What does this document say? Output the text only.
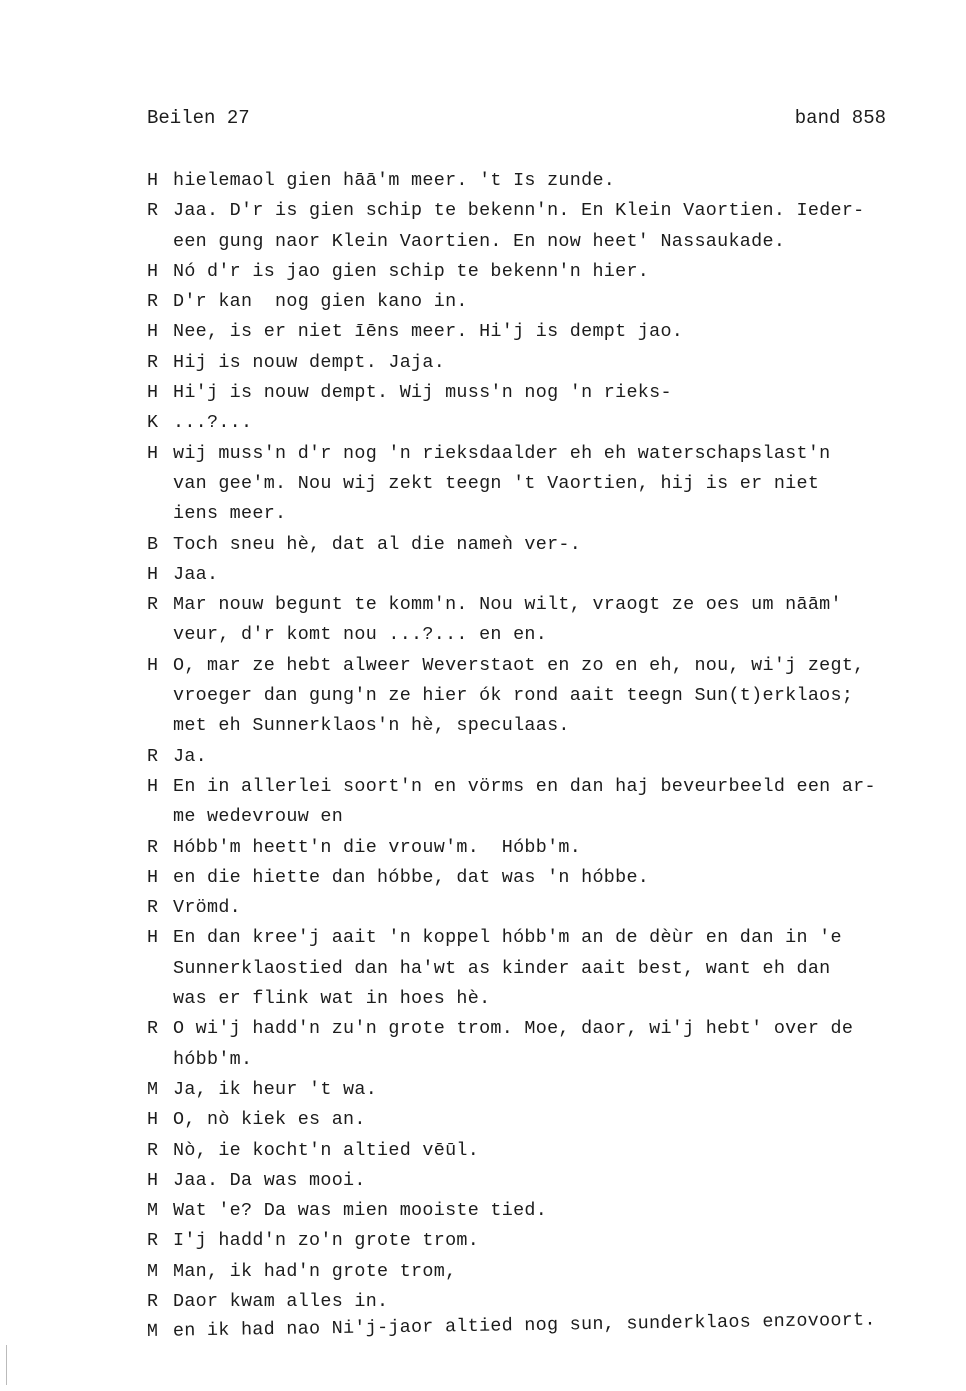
Beilen 27	band 858
H hielemaol gien hāā'm meer. 't Is zunde.
R Jaa. D'r is gien schip te bekenn'n. En Klein Vaortien. Ieder-
een gung naor Klein Vaortien. En now heet' Nassaukade.
H Nó d'r is jao gien schip te bekenn'n hier.
R D'r kan  nog gien kano in.
H Nee, is er niet īēns meer. Hi'j is dempt jao.
R Hij is nouw dempt. Jaja.
H Hi'j is nouw dempt. Wij muss'n nog 'n rieks-
K ...?...
H wij muss'n d'r nog 'n rieksdaalder eh eh waterschapslast'n
van gee'm. Nou wij zekt teegn 't Vaortien, hij is er niet
iens meer.
B Toch sneu hè, dat al die nameǹ ver-.
H Jaa.
R Mar nouw begunt te komm'n. Nou wilt, vraogt ze oes um nāām'
veur, d'r komt nou ...?... en en.
H O, mar ze hebt alweer Weverstaot en zo en eh, nou, wi'j zegt,
vroeger dan gung'n ze hier ók rond aait teegn Sun(t)erklaos;
met eh Sunnerklaos'n hè, speculaas.
R Ja.
H En in allerlei soort'n en vörms en dan haj beveurbeeld een ar-
me wedevrouw en
R Hóbb'm heett'n die vrouw'm.  Hóbb'm.
H en die hiette dan hóbbe, dat was 'n hóbbe.
R Vrömd.
H En dan kree'j aait 'n koppel hóbb'm an de dèùr en dan in 'e
Sunnerklaostied dan ha'wt as kinder aait best, want eh dan
was er flink wat in hoes hè.
R O wi'j hadd'n zu'n grote trom. Moe, daor, wi'j hebt' over de
hóbb'm.
M Ja, ik heur 't wa.
H O, nò kiek es an.
R Nò, ie kocht'n altied vēūl.
H Jaa. Da was mooi.
M Wat 'e? Da was mien mooiste tied.
R I'j hadd'n zo'n grote trom.
M Man, ik had'n grote trom,
R Daor kwam alles in.
M en ik had nao Ni'j-jaor altied nog sun, sunderklaos enzovoort.
